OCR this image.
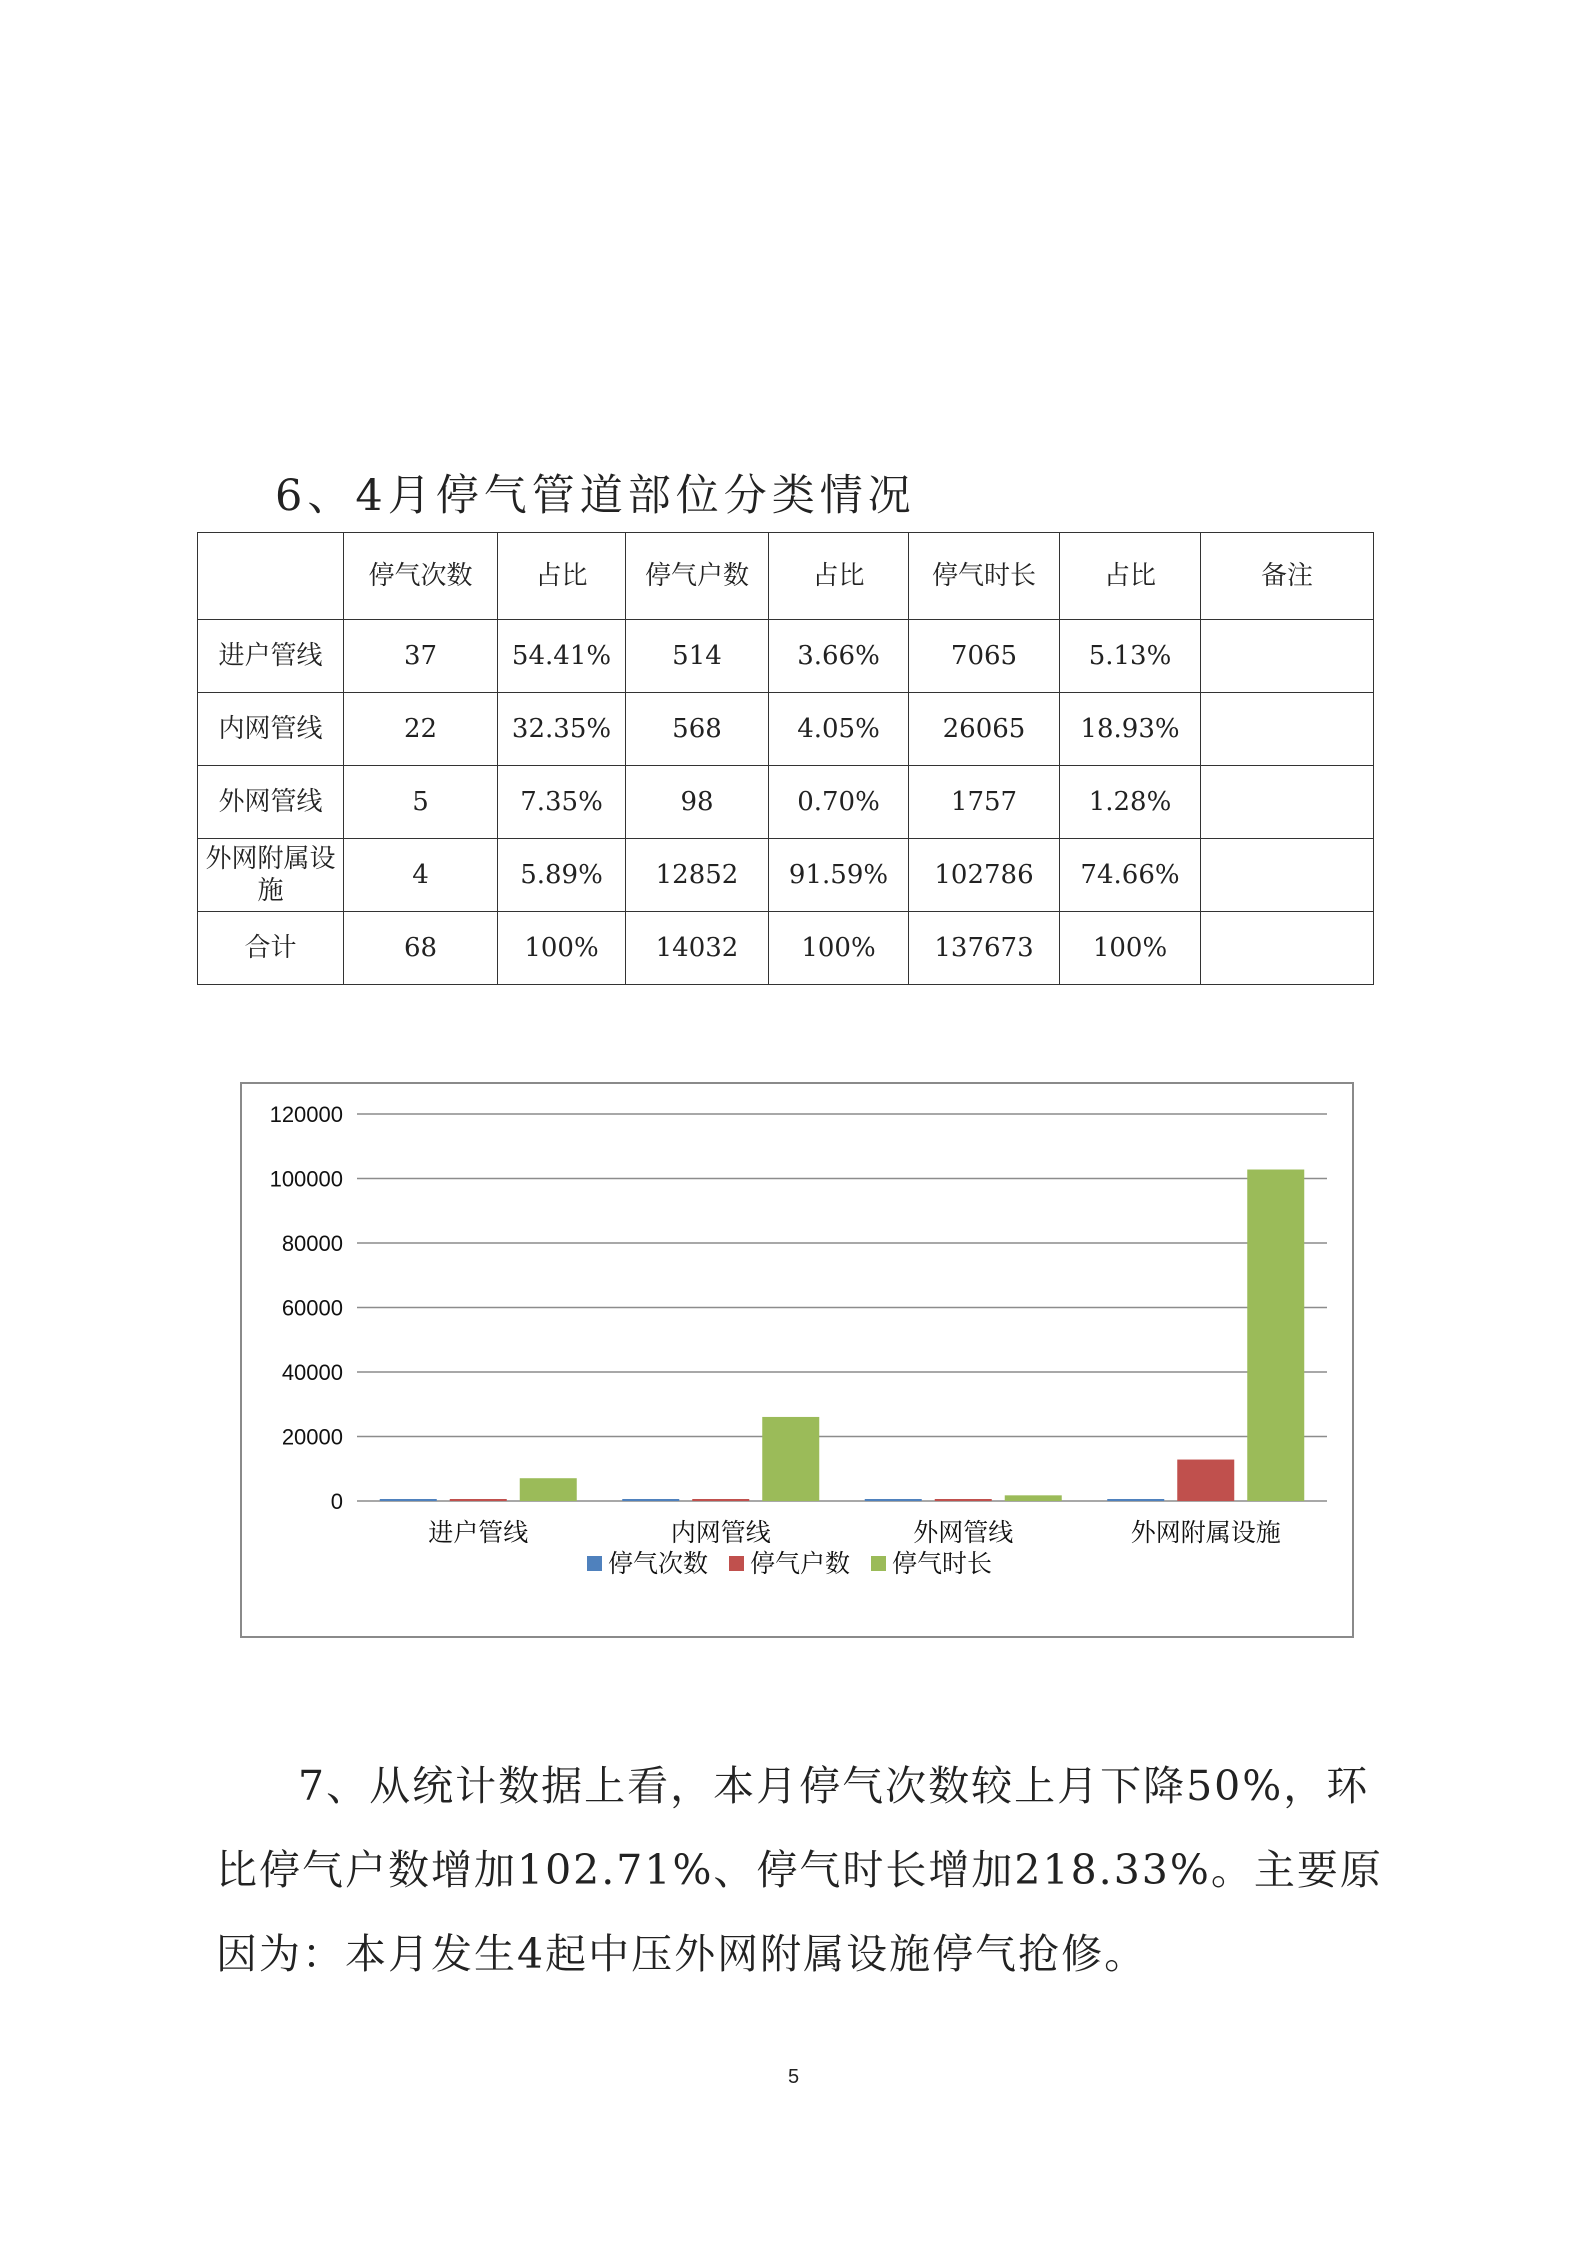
6、4月停气管道部位分类情况
	停气次数	占比	停气户数	占比	停气时长	占比	备注
进户管线	37	54.41%	514	3.66%	7065	5.13%	
内网管线	22	32.35%	568	4.05%	26065	18.93%	
外网管线	5	7.35%	98	0.70%	1757	1.28%	
外网附属设施	4	5.89%	12852	91.59%	102786	74.66%	
合计	68	100%	14032	100%	137673	100%	
0
20000
40000
60000
80000
100000
120000
进户管线	内网管线	外网管线	外网附属设施
停气次数 停气户数 停气时长

7、从统计数据上看，本月停气次数较上月下降50%，环比停气户数增加102.71%、停气时长增加218.33%。主要原因为：本月发生4起中压外网附属设施停气抢修。

5
